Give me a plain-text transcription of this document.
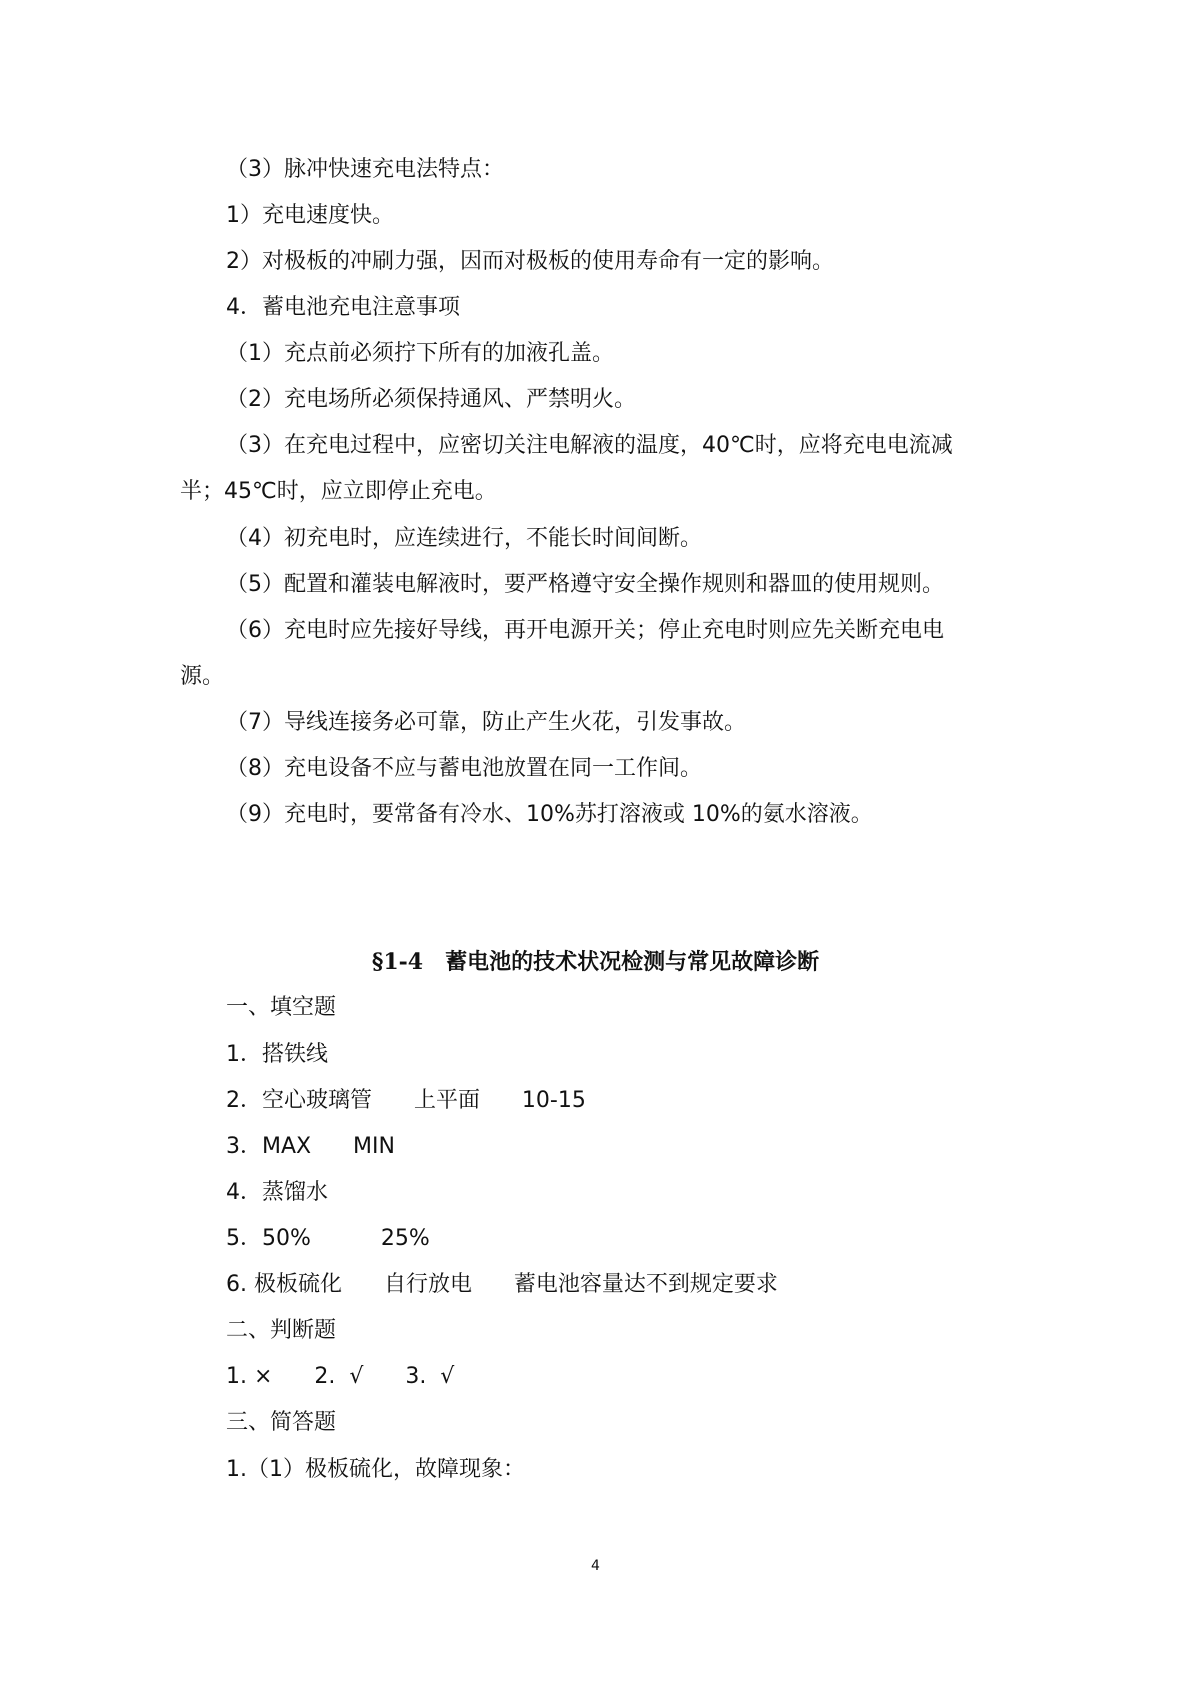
（3）脉冲快速充电法特点：
1）充电速度快。
2）对极板的冲刷力强，因而对极板的使用寿命有一定的影响。
4．蓄电池充电注意事项
（1）充点前必须拧下所有的加液孔盖。
（2）充电场所必须保持通风、严禁明火。
（3）在充电过程中，应密切关注电解液的温度，40℃时，应将充电电流减
半；45℃时，应立即停止充电。
（4）初充电时，应连续进行，不能长时间间断。
（5）配置和灌装电解液时，要严格遵守安全操作规则和器皿的使用规则。
（6）充电时应先接好导线，再开电源开关；停止充电时则应先关断充电电
源。
（7）导线连接务必可靠，防止产生火花，引发事故。
（8）充电设备不应与蓄电池放置在同一工作间。
（9）充电时，要常备有冷水、10%苏打溶液或 10%的氨水溶液。
§1-4　蓄电池的技术状况检测与常见故障诊断
一、填空题
1．搭铁线
2．空心玻璃管      上平面      10-15
3．MAX      MIN
4．蒸馏水
5．50%          25%
6. 极板硫化      自行放电      蓄电池容量达不到规定要求
二、判断题
1. ×      2.  √      3.  √
三、简答题
1.（1）极板硫化，故障现象：
4
